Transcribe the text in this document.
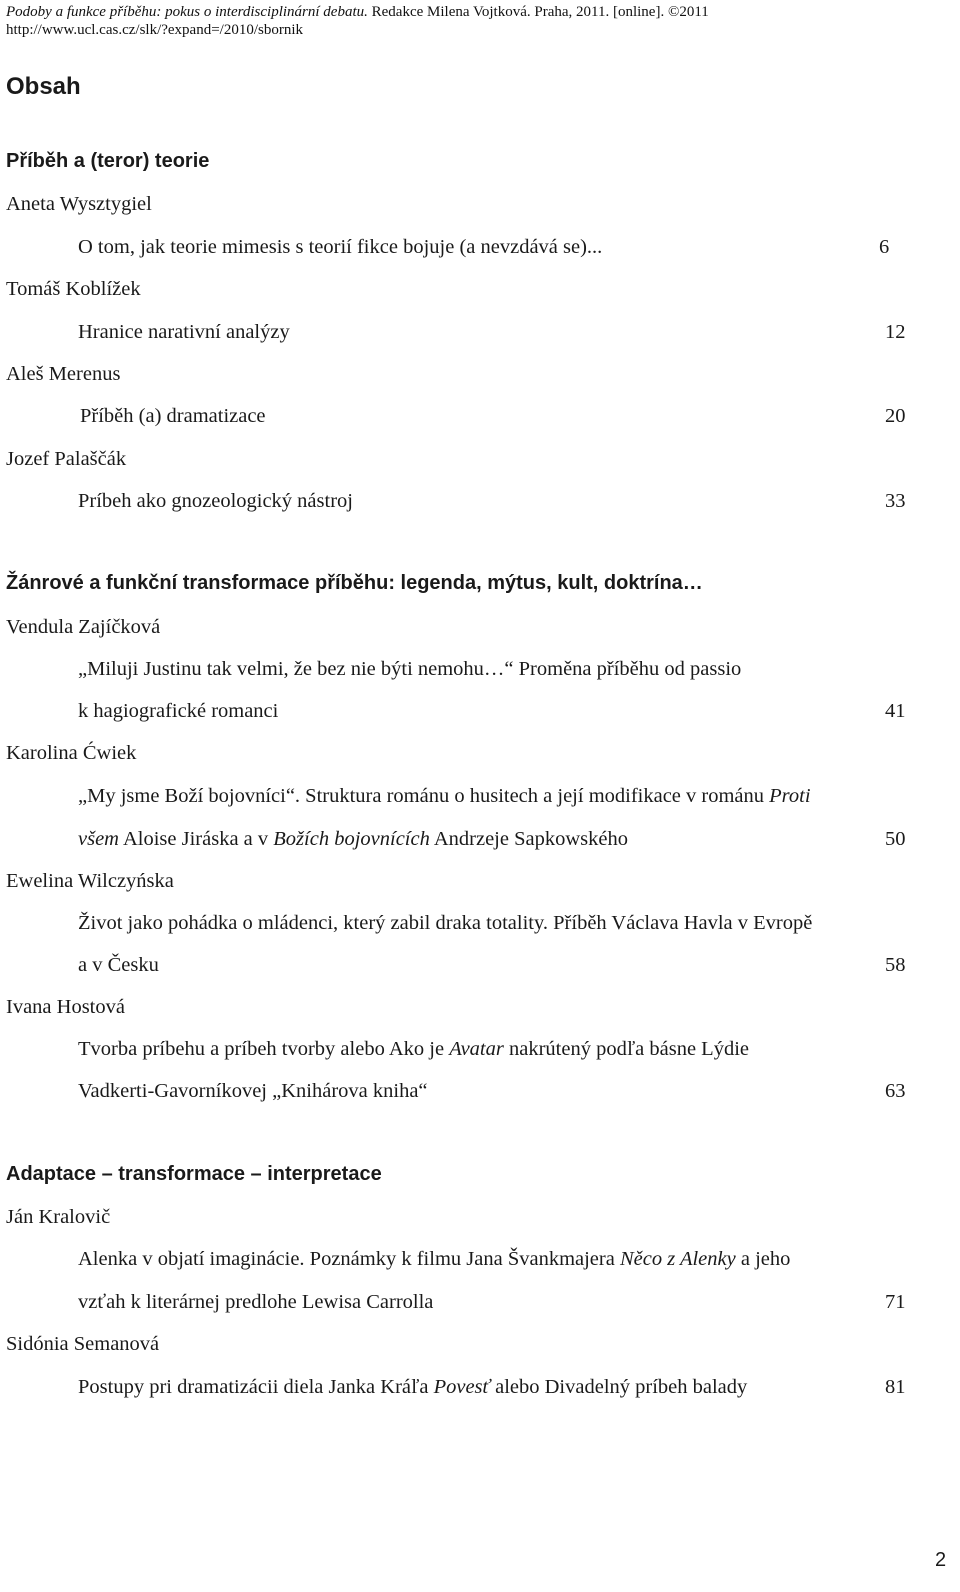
Podoby a funkce příběhu: pokus o interdisciplinární debatu. Redakce Milena Vojtková. Praha, 2011. [online]. ©2011
http://www.ucl.cas.cz/slk/?expand=/2010/sbornik
Obsah
Příběh a (teror) teorie
Aneta Wysztygiel
O tom, jak teorie mimesis s teorií fikce bojuje (a nevzdává se)...	6
Tomáš Koblížek
Hranice narativní analýzy	12
Aleš Merenus
Příběh (a) dramatizace	20
Jozef Palaščák
Príbeh ako gnozeologický nástroj	33
Žánrové a funkční transformace příběhu: legenda, mýtus, kult, doktrína…
Vendula Zajíčková
„Miluji Justinu tak velmi, že bez nie býti nemohu…“ Proměna příběhu od passio
k hagiografické romanci	41
Karolina Ćwiek
„My jsme Boží bojovníci“. Struktura románu o husitech a její modifikace v románu Proti
všem Aloise Jiráska a v Božích bojovnících Andrzeje Sapkowského	50
Ewelina Wilczyńska
Život jako pohádka o mládenci, který zabil draka totality. Příběh Václava Havla v Evropě
a v Česku	58
Ivana Hostová
Tvorba príbehu a príbeh tvorby alebo Ako je Avatar nakrútený podľa básne Lýdie
Vadkerti-Gavorníkovej „Knihárova kniha“	63
Adaptace – transformace – interpretace
Ján Kralovič
Alenka v objatí imaginácie. Poznámky k filmu Jana Švankmajera Něco z Alenky a jeho
vzťah k literárnej predlohe Lewisa Carrolla	71
Sidónia Semanová
Postupy pri dramatizácii diela Janka Kráľa Povesť alebo Divadelný príbeh balady	81
2
